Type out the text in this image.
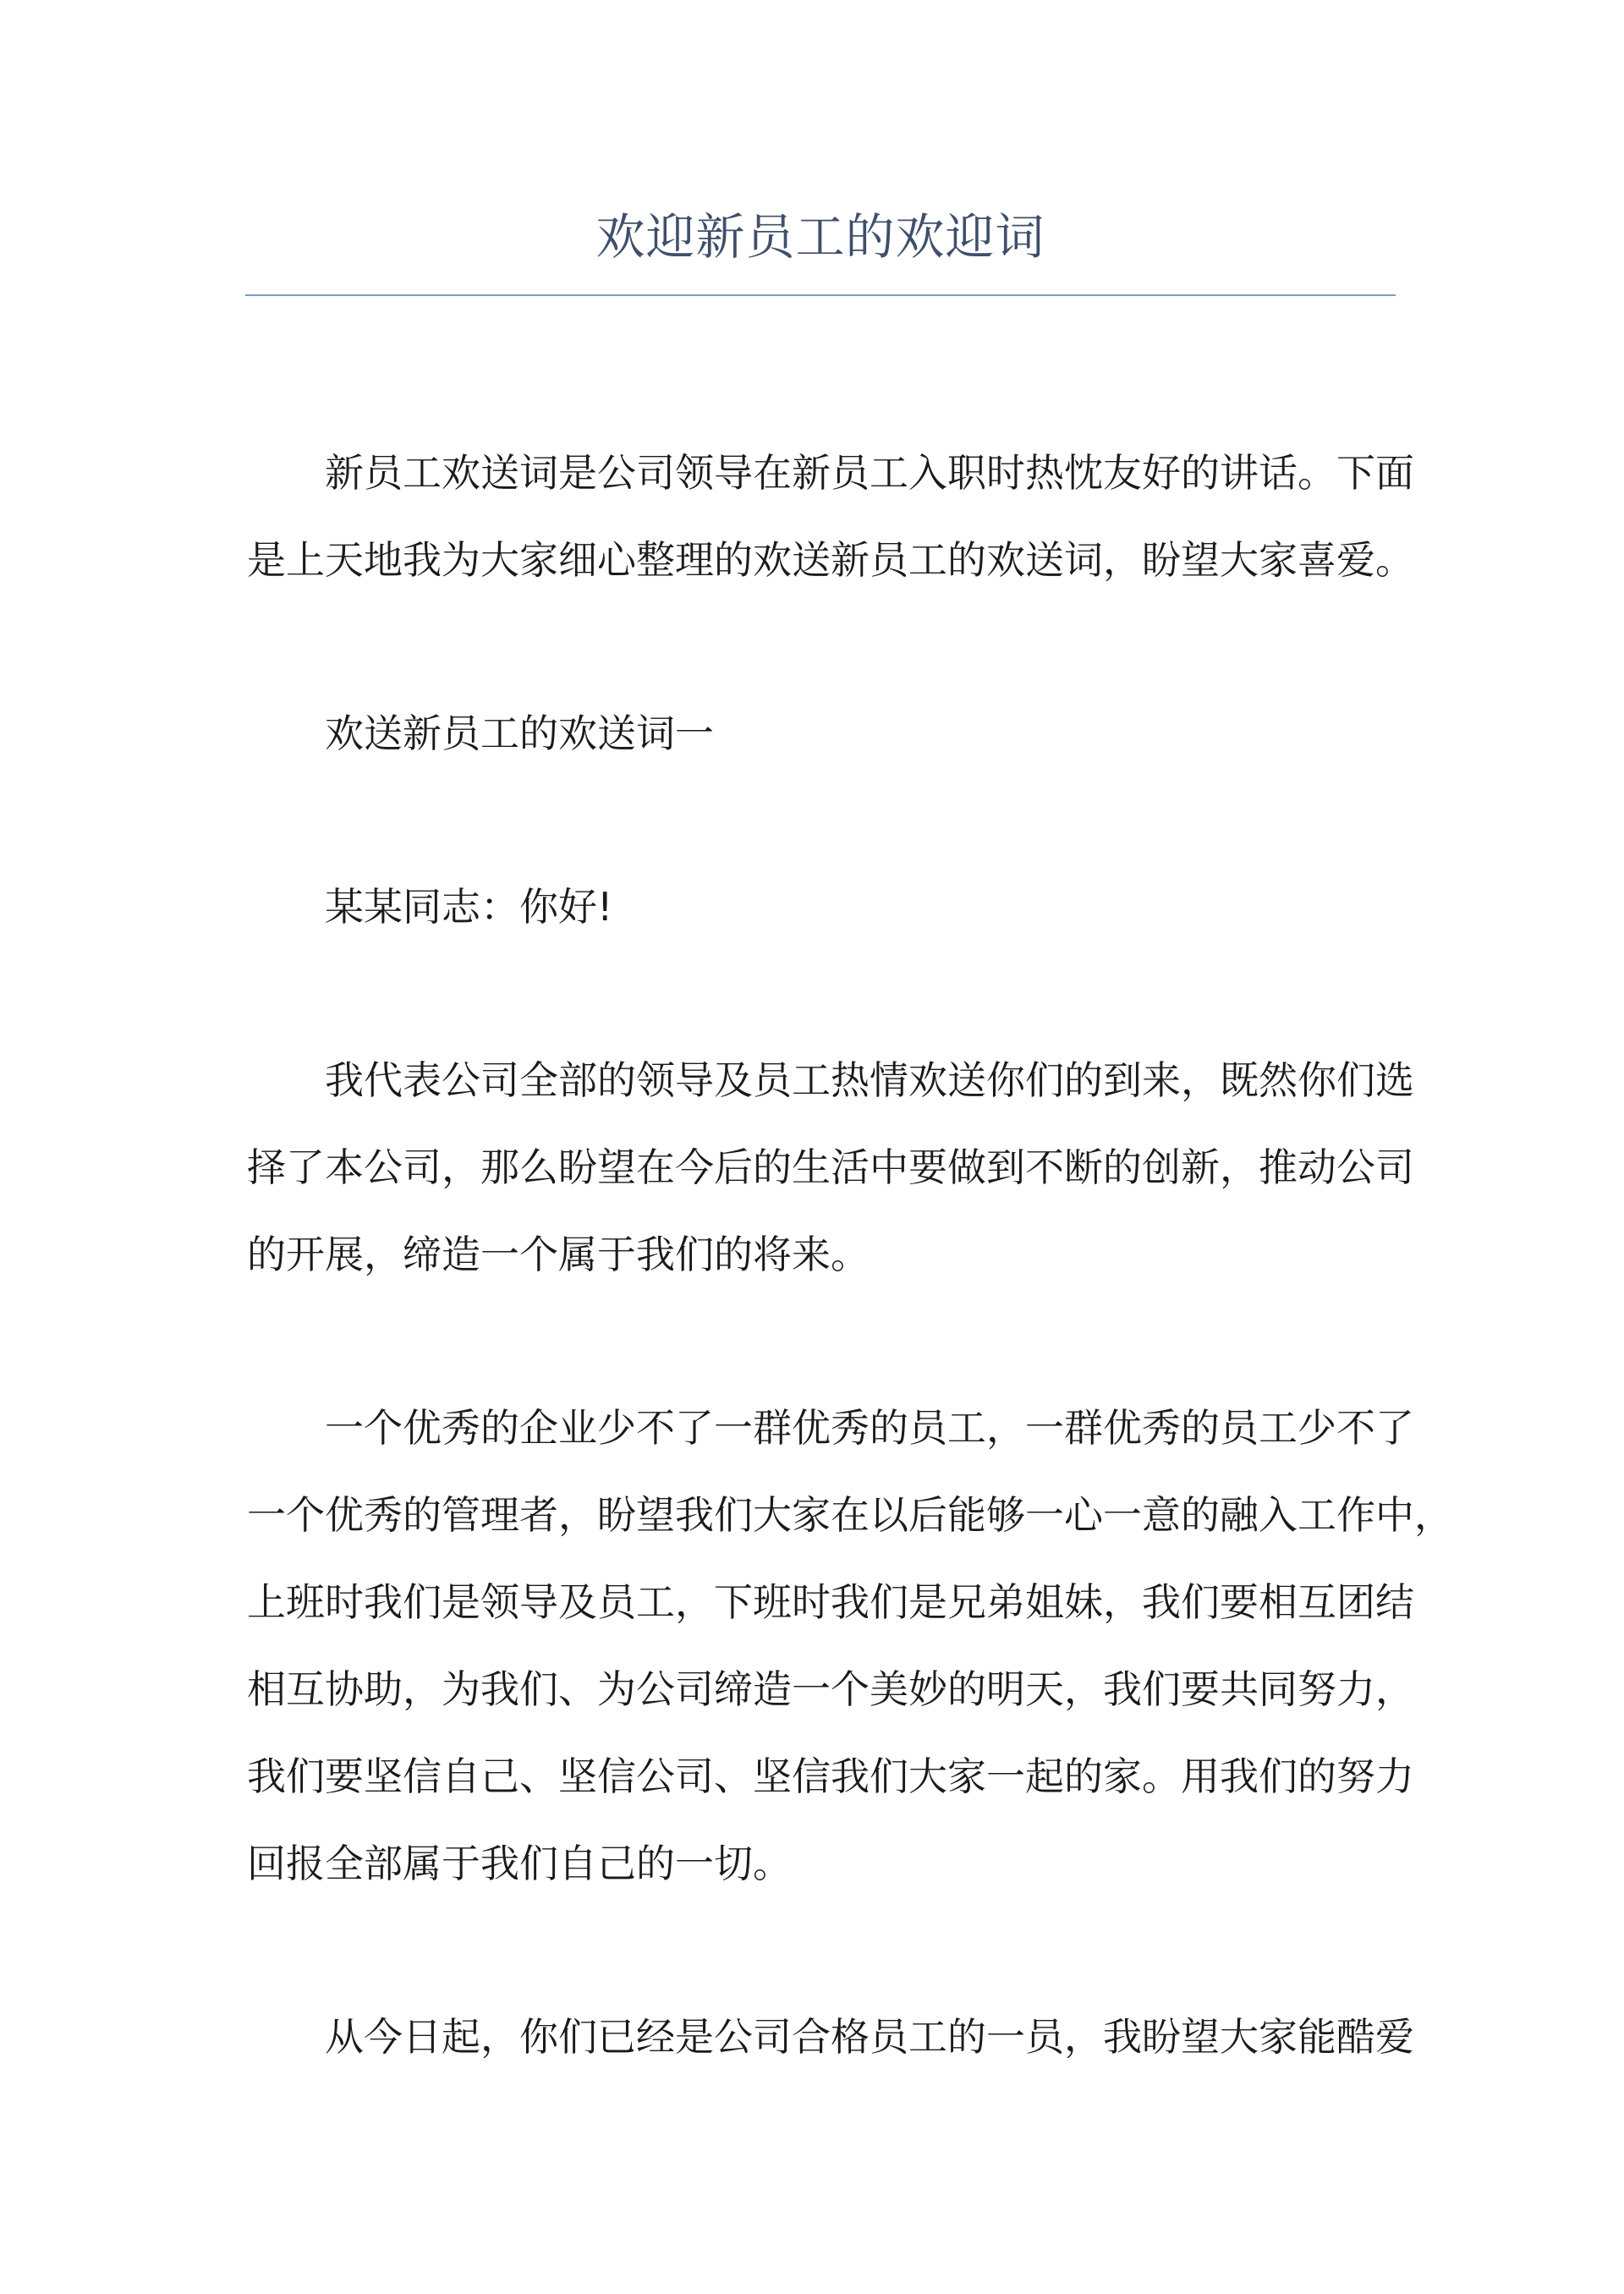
欢迎新员工的欢迎词

新员工欢送词是公司领导在新员工入职时热忱友好的讲话。下面
是上天地我为大家细心整理的欢送新员工的欢送词，盼望大家喜爱。

欢送新员工的欢送词一

某某同志：你好!

我代表公司全部的领导及员工热情欢送你们的到来，既然你们选
择了本公司，那么盼望在今后的生活中要做到不断的创新，推动公司
的开展，缔造一个属于我们的将来。

一个优秀的企业少不了一群优秀的员工，一群优秀的员工少不了
一个优秀的管理者，盼望我们大家在以后能够一心一意的融入工作中，
上班时我们是领导及员工，下班时我们是兄弟姐妹，我们要相互团结
相互协助，为我们、为公司缔造一个美妙的明天，我们要共同努力，
我们要坚信自己、坚信公司、坚信我们大家一起的家。用我们的努力
回报全部属于我们自己的一切。

从今日起，你们已经是公司合格员工的一员，我盼望大家能酷爱
